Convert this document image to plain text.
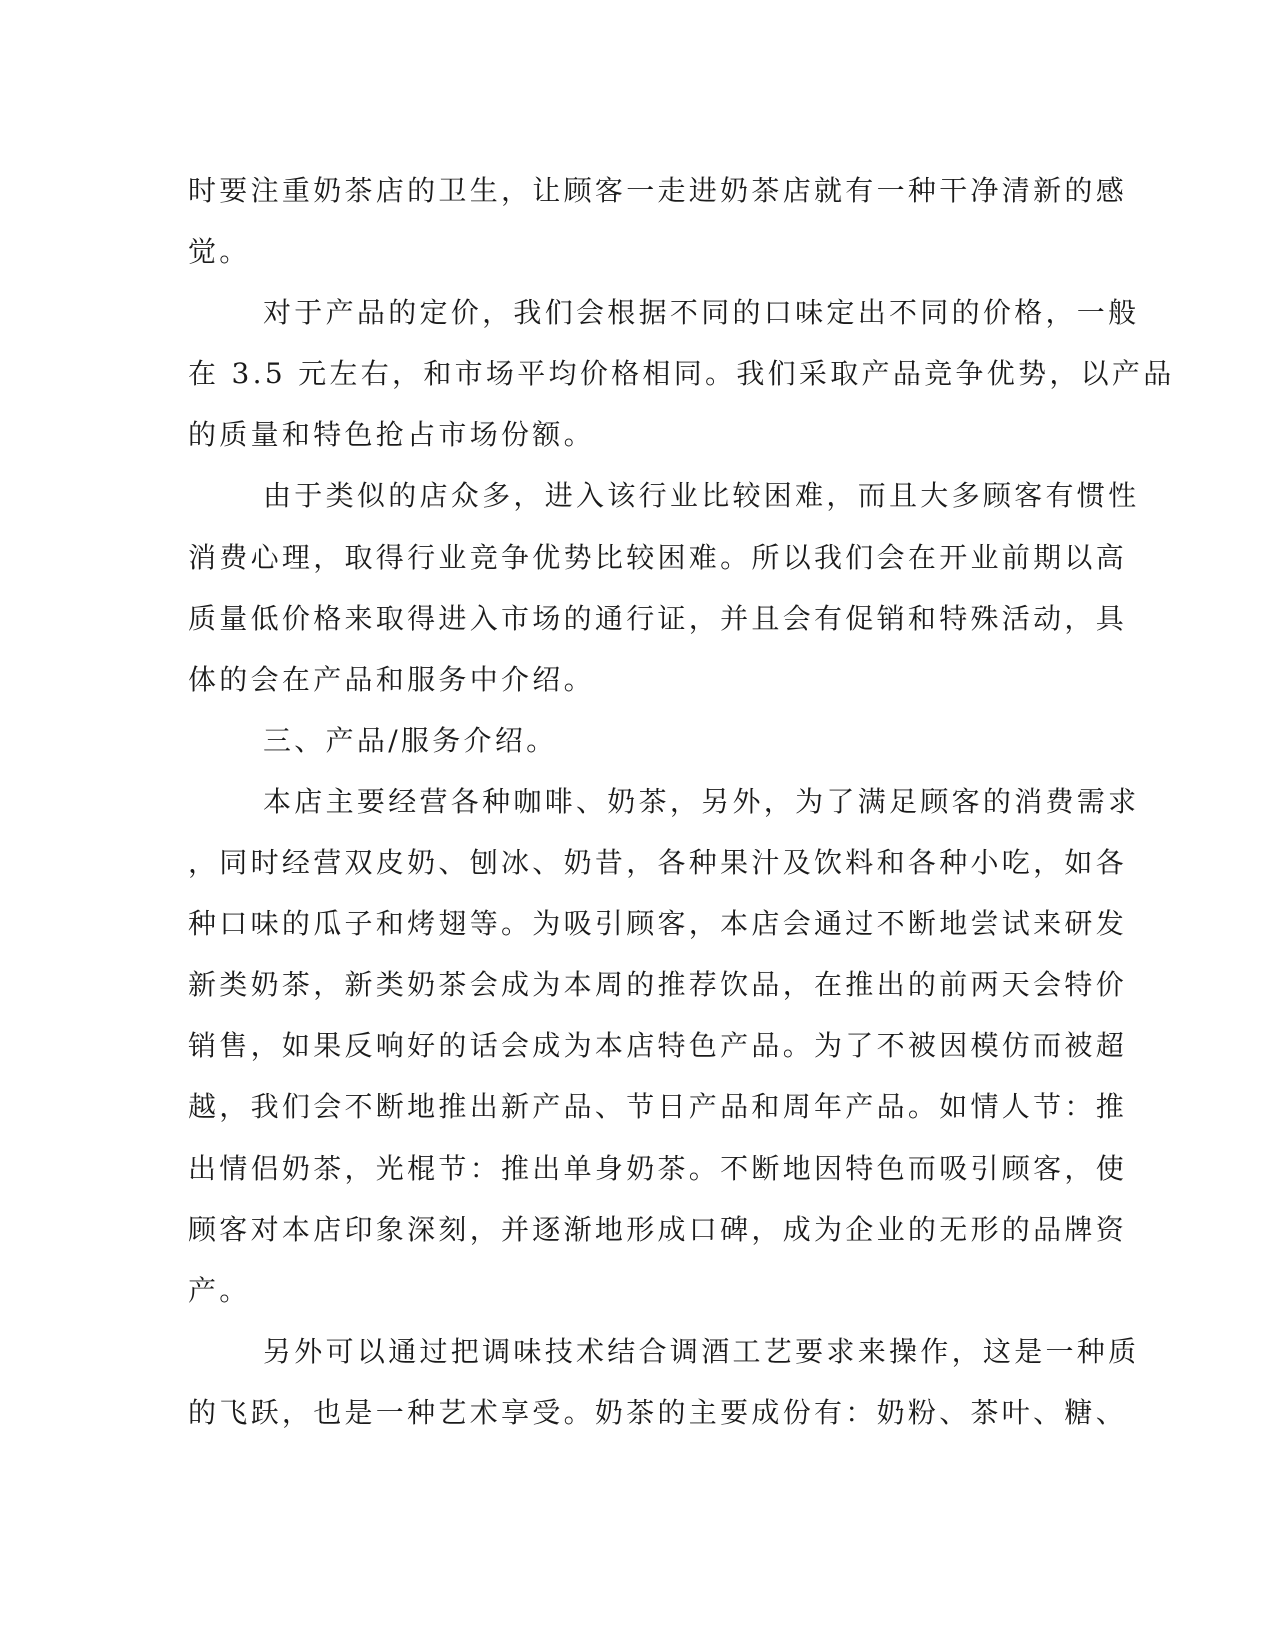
时要注重奶茶店的卫生，让顾客一走进奶茶店就有一种干净清新的感
觉。
对于产品的定价，我们会根据不同的口味定出不同的价格，一般
在 3.5 元左右，和市场平均价格相同。我们采取产品竞争优势，以产品
的质量和特色抢占市场份额。
由于类似的店众多，进入该行业比较困难，而且大多顾客有惯性
消费心理，取得行业竞争优势比较困难。所以我们会在开业前期以高
质量低价格来取得进入市场的通行证，并且会有促销和特殊活动，具
体的会在产品和服务中介绍。
三、产品/服务介绍。
本店主要经营各种咖啡、奶茶，另外，为了满足顾客的消费需求
，同时经营双皮奶、刨冰、奶昔，各种果汁及饮料和各种小吃，如各
种口味的瓜子和烤翅等。为吸引顾客，本店会通过不断地尝试来研发
新类奶茶，新类奶茶会成为本周的推荐饮品，在推出的前两天会特价
销售，如果反响好的话会成为本店特色产品。为了不被因模仿而被超
越，我们会不断地推出新产品、节日产品和周年产品。如情人节：推
出情侣奶茶，光棍节：推出单身奶茶。不断地因特色而吸引顾客，使
顾客对本店印象深刻，并逐渐地形成口碑，成为企业的无形的品牌资
产。
另外可以通过把调味技术结合调酒工艺要求来操作，这是一种质
的飞跃，也是一种艺术享受。奶茶的主要成份有：奶粉、茶叶、糖、
